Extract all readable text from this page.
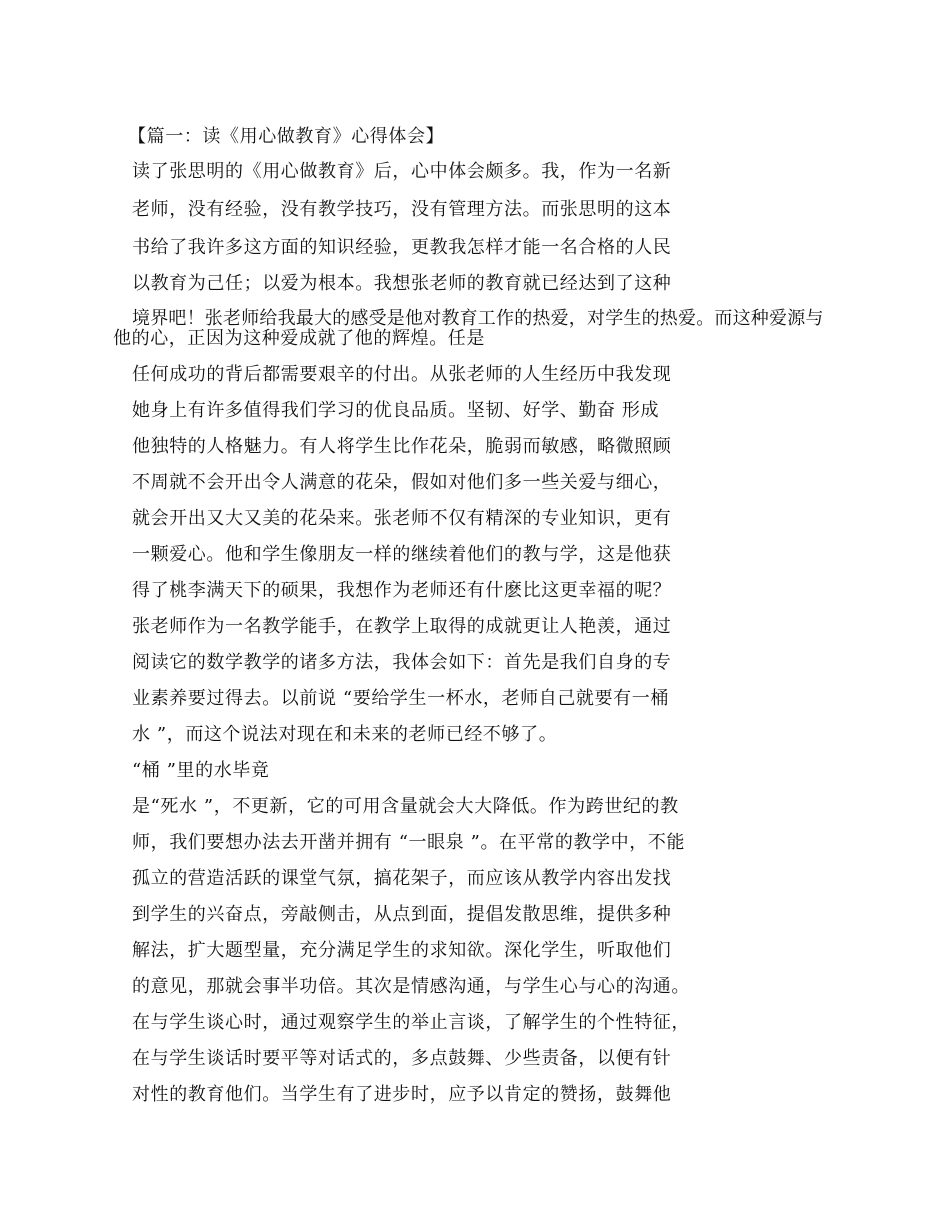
【篇一：读《用心做教育》心得体会】
读了张思明的《用心做教育》后，心中体会颇多。我，作为一名新
老师，没有经验，没有教学技巧，没有管理方法。而张思明的这本
书给了我许多这方面的知识经验，更教我怎样才能一名合格的人民
以教育为己任；以爱为根本。我想张老师的教育就已经达到了这种
境界吧！张老师给我最大的感受是他对教育工作的热爱，对学生的热爱。而这种爱源与
他的心，正因为这种爱成就了他的辉煌。任是
任何成功的背后都需要艰辛的付出。从张老师的人生经历中我发现
她身上有许多值得我们学习的优良品质。坚韧、好学、勤奋 形成
他独特的人格魅力。有人将学生比作花朵，脆弱而敏感，略微照顾
不周就不会开出令人满意的花朵，假如对他们多一些关爱与细心，
就会开出又大又美的花朵来。张老师不仅有精深的专业知识，更有
一颗爱心。他和学生像朋友一样的继续着他们的教与学，这是他获
得了桃李满天下的硕果，我想作为老师还有什麽比这更幸福的呢？
张老师作为一名教学能手，在教学上取得的成就更让人艳羡，通过
阅读它的数学教学的诸多方法，我体会如下：首先是我们自身的专
业素养要过得去。以前说 “要给学生一杯水，老师自己就要有一桶
水 ”，而这个说法对现在和未来的老师已经不够了。
“桶 ”里的水毕竟
是“死水 ”，不更新，它的可用含量就会大大降低。作为跨世纪的教
师，我们要想办法去开凿并拥有 “一眼泉 ”。在平常的教学中，不能
孤立的营造活跃的课堂气氛，搞花架子，而应该从教学内容出发找
到学生的兴奋点，旁敲侧击，从点到面，提倡发散思维，提供多种
解法，扩大题型量，充分满足学生的求知欲。深化学生，听取他们
的意见，那就会事半功倍。其次是情感沟通，与学生心与心的沟通。
在与学生谈心时，通过观察学生的举止言谈，了解学生的个性特征，
在与学生谈话时要平等对话式的，多点鼓舞、少些责备，以便有针
对性的教育他们。当学生有了进步时，应予以肯定的赞扬，鼓舞他
